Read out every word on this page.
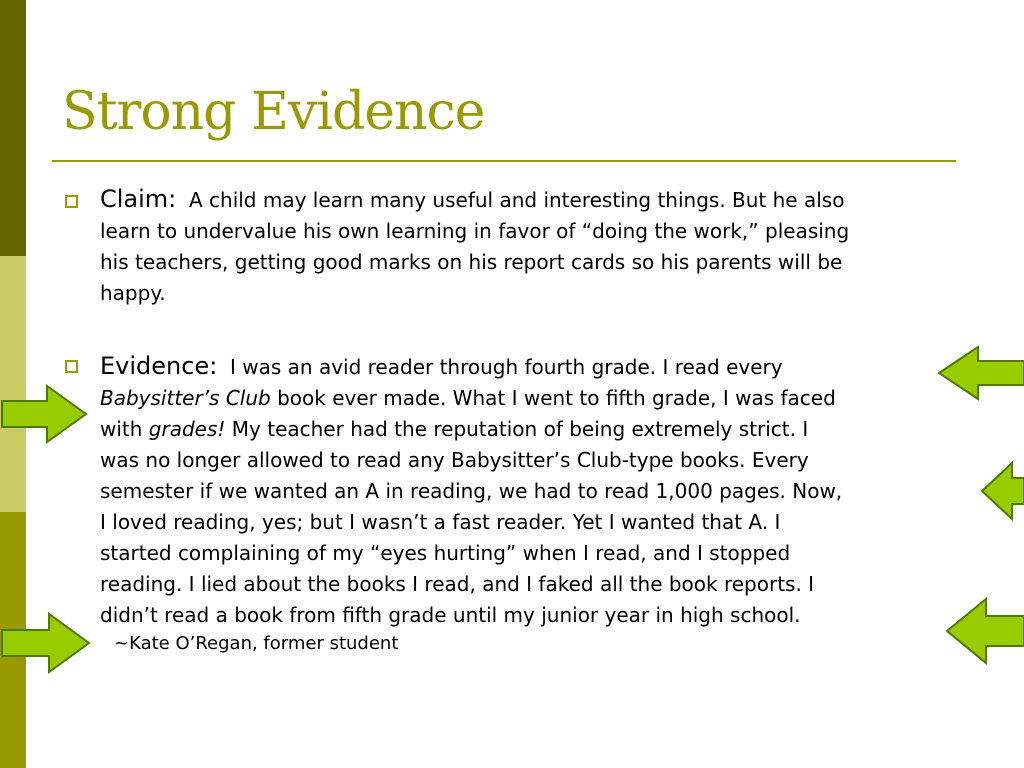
Strong Evidence
Claim: A child may learn many useful and interesting things. But he also
learn to undervalue his own learning in favor of “doing the work,” pleasing
his teachers, getting good marks on his report cards so his parents will be
happy.
Evidence: I was an avid reader through fourth grade. I read every
Babysitter’s Club book ever made. What I went to fifth grade, I was faced
with grades! My teacher had the reputation of being extremely strict. I
was no longer allowed to read any Babysitter’s Club-type books. Every
semester if we wanted an A in reading, we had to read 1,000 pages. Now,
I loved reading, yes; but I wasn’t a fast reader. Yet I wanted that A. I
started complaining of my “eyes hurting” when I read, and I stopped
reading. I lied about the books I read, and I faked all the book reports. I
didn’t read a book from fifth grade until my junior year in high school.
~Kate O’Regan, former student
